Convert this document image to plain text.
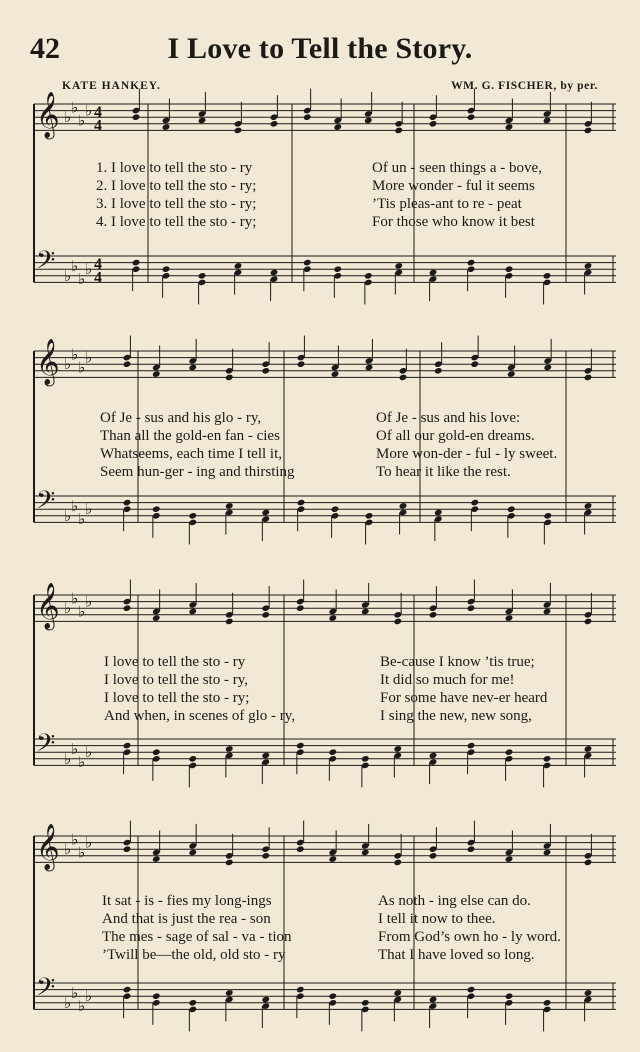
42	I Love to Tell the Story.
KATE HANKEY.	WM. G. FISCHER, by per.
𝄞 ♭
♭
♭
♭
𝄢 ♭
♭
♭
♭
4
4
4
4
𝄞 ♭
♭
♭
♭
𝄢 ♭
♭
♭
♭
𝄞 ♭
♭
♭
♭
𝄢 ♭
♭
♭
♭
𝄞 ♭
♭
♭
♭
𝄢 ♭
♭
♭
♭
1. I love to tell the sto - ry	Of un - seen things a - bove,
2. I love to tell the sto - ry;	More wonder - ful it seems
3. I love to tell the sto - ry;	’Tis pleas-ant to re - peat
4. I love to tell the sto - ry;	For those who know it best
Of Je - sus and his glo - ry,	Of Je - sus and his love:
Than all the gold-en fan - cies	Of all our gold-en dreams.
Whatseems, each time I tell it,	More won-der - ful - ly sweet.
Seem hun-ger - ing and thirsting	To hear it like the rest.
I love to tell the sto - ry	Be-cause I know ’tis true;
I love to tell the sto - ry,	It did so much for me!
I love to tell the sto - ry;	For some have nev-er heard
And when, in scenes of glo - ry,	I sing the new, new song,
It sat - is - fies my long-ings	As noth - ing else can do.
And that is just the rea - son	I tell it now to thee.
The mes - sage of sal - va - tion	From God’s own ho - ly word.
’Twill be—the old, old sto - ry	That I have loved so long.
